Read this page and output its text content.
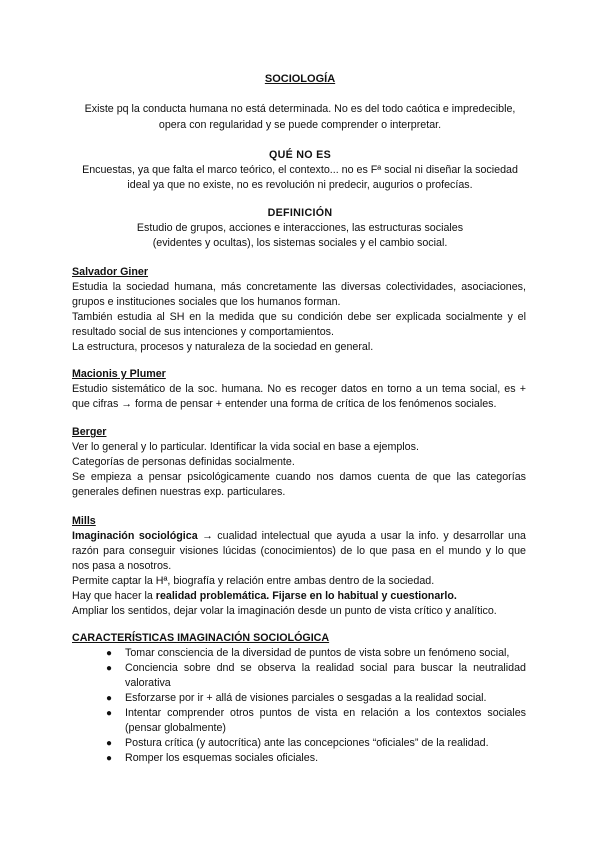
SOCIOLOGÍA
Existe pq la conducta humana no está determinada. No es del todo caótica e impredecible,
opera con regularidad y se puede comprender o interpretar.
QUÉ NO ES
Encuestas, ya que falta el marco teórico, el contexto... no es Fª social ni diseñar la sociedad
ideal ya que no existe, no es revolución ni predecir, augurios o profecías.
DEFINICIÓN
Estudio de grupos, acciones e interacciones, las estructuras sociales
(evidentes y ocultas), los sistemas sociales y el cambio social.
Salvador Giner
Estudia la sociedad humana, más concretamente las diversas colectividades, asociaciones,
grupos e instituciones sociales que los humanos forman.
También estudia al SH en la medida que su condición debe ser explicada socialmente y el
resultado social de sus intenciones y comportamientos.
La estructura, procesos y naturaleza de la sociedad en general.
Macionis y Plumer
Estudio sistemático de la soc. humana. No es recoger datos en torno a un tema social, es +
que cifras → forma de pensar + entender una forma de crítica de los fenómenos sociales.
Berger
Ver lo general y lo particular. Identificar la vida social en base a ejemplos.
Categorías de personas definidas socialmente.
Se empieza a pensar psicológicamente cuando nos damos cuenta de que las categorías
generales definen nuestras exp. particulares.
Mills
Imaginación sociológica → cualidad intelectual que ayuda a usar la info. y desarrollar una
razón para conseguir visiones lúcidas (conocimientos) de lo que pasa en el mundo y lo que
nos pasa a nosotros.
Permite captar la Hª, biografía y relación entre ambas dentro de la sociedad.
Hay que hacer la realidad problemática. Fijarse en lo habitual y cuestionarlo.
Ampliar los sentidos, dejar volar la imaginación desde un punto de vista crítico y analítico.
CARACTERÍSTICAS IMAGINACIÓN SOCIOLÓGICA
● Tomar consciencia de la diversidad de puntos de vista sobre un fenómeno social,
● Conciencia sobre dnd se observa la realidad social para buscar la neutralidad
valorativa
● Esforzarse por ir + allá de visiones parciales o sesgadas a la realidad social.
● Intentar comprender otros puntos de vista en relación a los contextos sociales
(pensar globalmente)
● Postura crítica (y autocrítica) ante las concepciones “oficiales” de la realidad.
● Romper los esquemas sociales oficiales.
